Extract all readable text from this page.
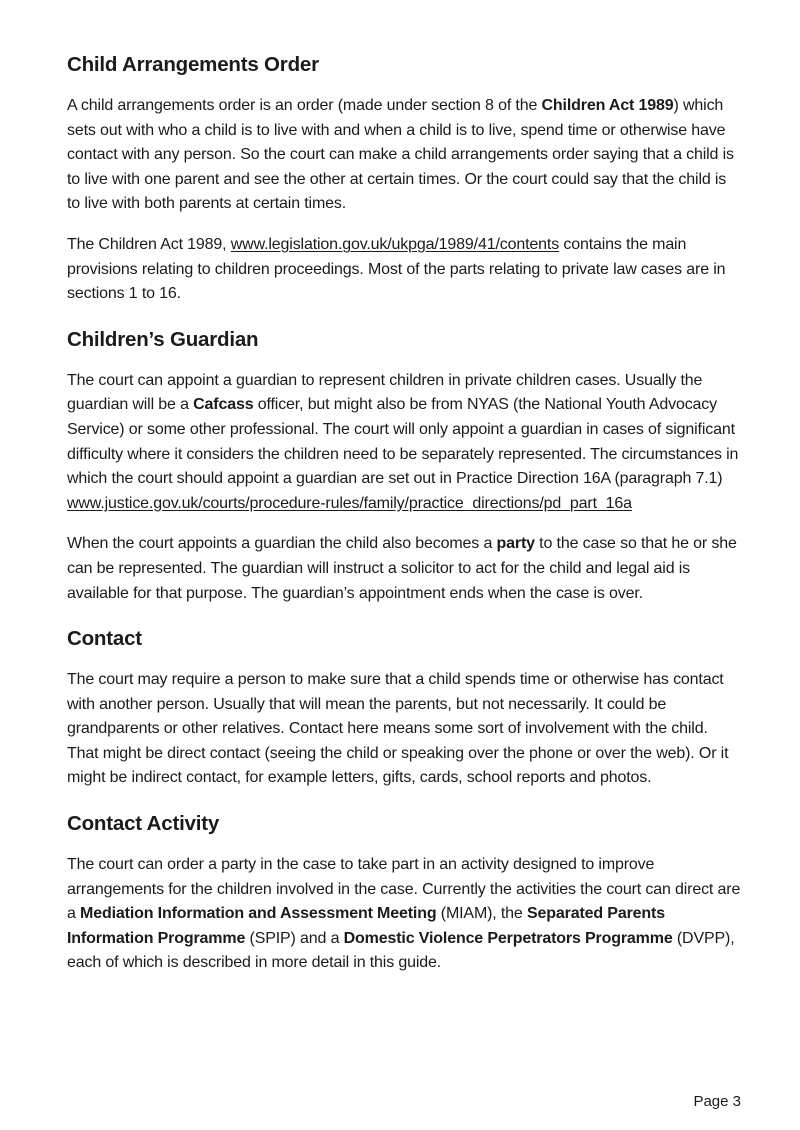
Child Arrangements Order

A child arrangements order is an order (made under section 8 of the Children Act 1989) which sets out with who a child is to live with and when a child is to live, spend time or otherwise have contact with any person. So the court can make a child arrangements order saying that a child is to live with one parent and see the other at certain times. Or the court could say that the child is to live with both parents at certain times.

The Children Act 1989, www.legislation.gov.uk/ukpga/1989/41/contents contains the main provisions relating to children proceedings. Most of the parts relating to private law cases are in sections 1 to 16.

Children’s Guardian

The court can appoint a guardian to represent children in private children cases. Usually the guardian will be a Cafcass officer, but might also be from NYAS (the National Youth Advocacy Service) or some other professional. The court will only appoint a guardian in cases of significant difficulty where it considers the children need to be separately represented. The circumstances in which the court should appoint a guardian are set out in Practice Direction 16A (paragraph 7.1) www.justice.gov.uk/courts/procedure-rules/family/practice_directions/pd_part_16a

When the court appoints a guardian the child also becomes a party to the case so that he or she can be represented. The guardian will instruct a solicitor to act for the child and legal aid is available for that purpose. The guardian’s appointment ends when the case is over.

Contact

The court may require a person to make sure that a child spends time or otherwise has contact with another person. Usually that will mean the parents, but not necessarily. It could be grandparents or other relatives. Contact here means some sort of involvement with the child. That might be direct contact (seeing the child or speaking over the phone or over the web). Or it might be indirect contact, for example letters, gifts, cards, school reports and photos.

Contact Activity

The court can order a party in the case to take part in an activity designed to improve arrangements for the children involved in the case. Currently the activities the court can direct are a Mediation Information and Assessment Meeting (MIAM), the Separated Parents Information Programme (SPIP) and a Domestic Violence Perpetrators Programme (DVPP), each of which is described in more detail in this guide.

Page 3
